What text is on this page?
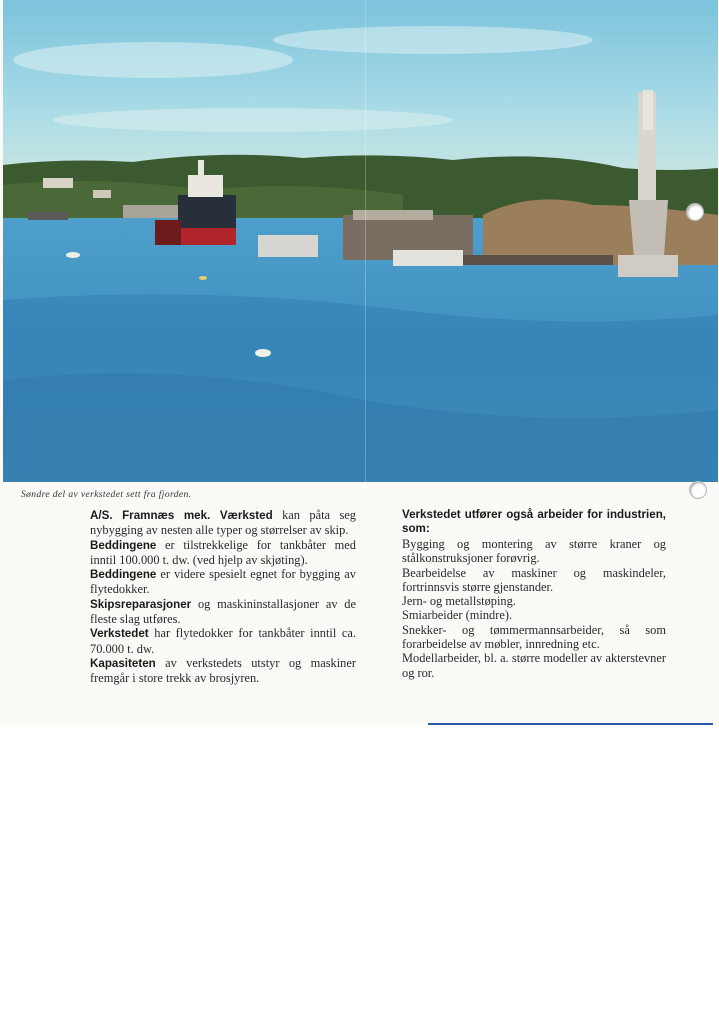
Søndre del av verkstedet sett fra fjorden.

A/S. Framnæs mek. Værksted kan påta seg nybygging av nesten alle typer og størrelser av skip.

Beddingene er tilstrekkelige for tankbåter med inntil 100.000 t. dw. (ved hjelp av skjøting).

Beddingene er videre spesielt egnet for bygging av flytedokker.

Skipsreparasjoner og maskininstallasjoner av de fleste slag utføres.

Verkstedet har flytedokker for tankbåter inntil ca. 70.000 t. dw.

Kapasiteten av verkstedets utstyr og maskiner fremgår i store trekk av brosjyren.

Verkstedet utfører også arbeider for industrien, som:

Bygging og montering av større kraner og stålkonstruksjoner forøvrig.

Bearbeidelse av maskiner og maskindeler, fortrinnsvis større gjenstander.

Jern- og metallstøping.

Smiarbeider (mindre).

Snekker- og tømmermannsarbeider, så som forarbeidelse av møbler, innredning etc.

Modellarbeider, bl. a. større modeller av akterstevner og ror.
